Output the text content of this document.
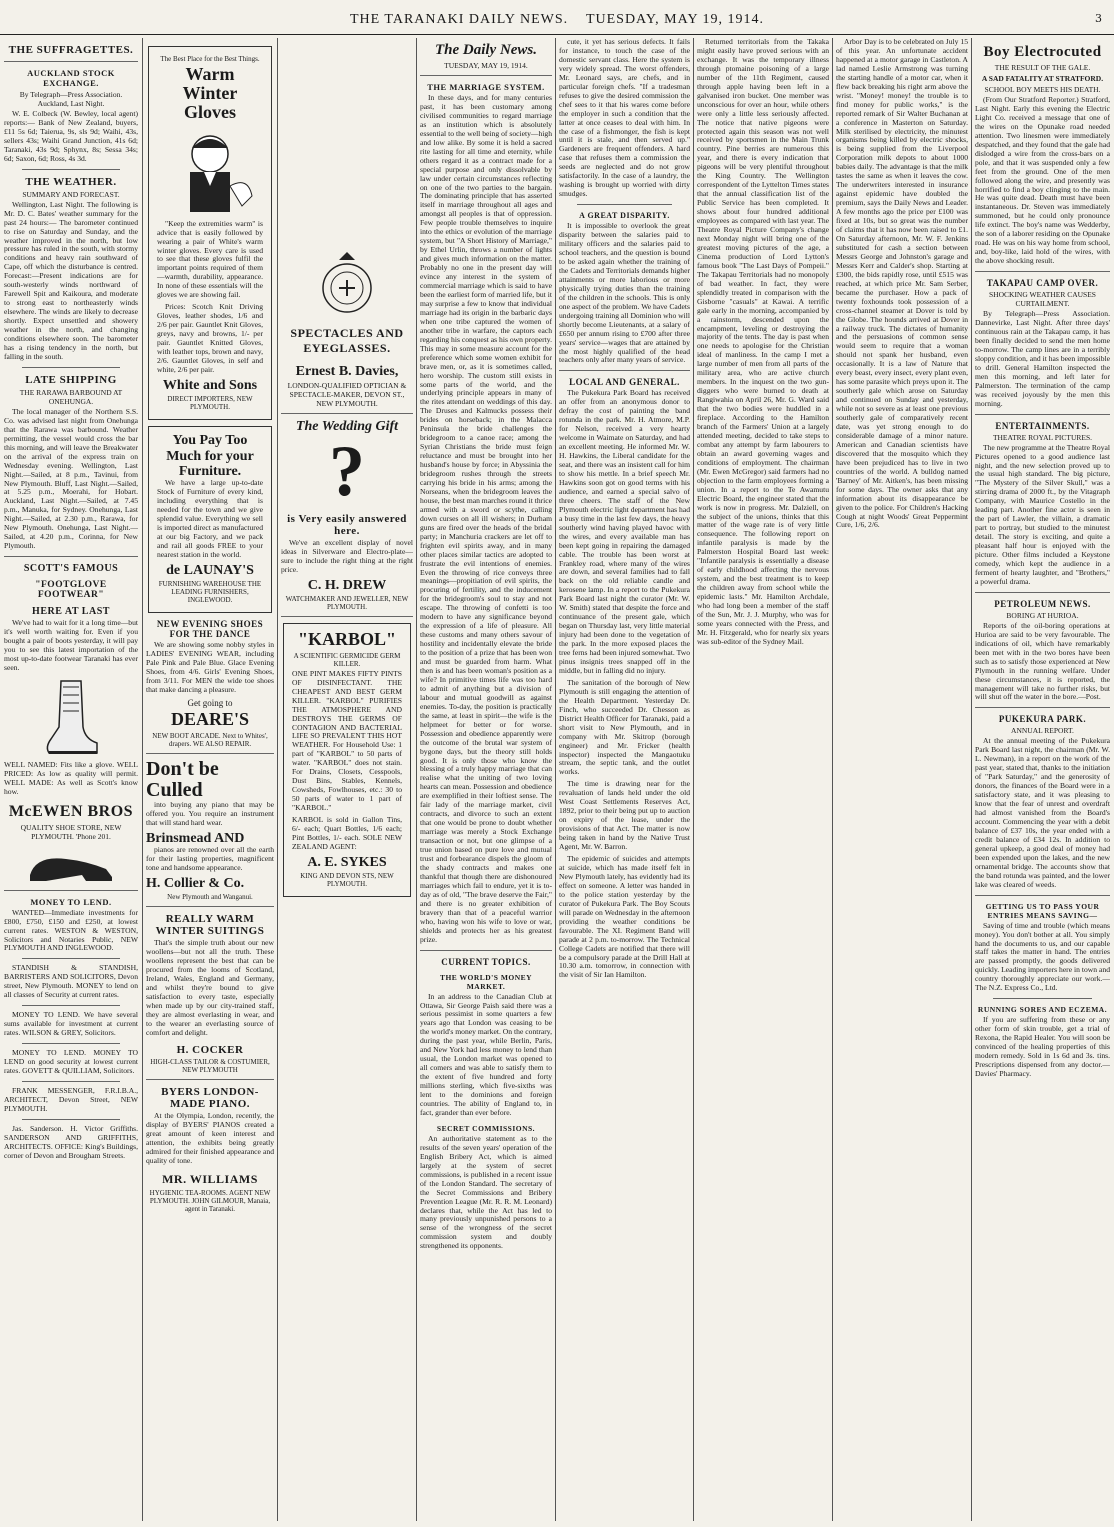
THE TARANAKI DAILY NEWS. TUESDAY, MAY 19, 1914.	3
THE SUFFRAGETTES.
AUCKLAND STOCK EXCHANGE.
By Telegraph—Press Association. Auckland, Last Night.

W. E. Colbeck (W. Bewley, local agent) reports:— Bank of New Zealand, buyers, £11 5s 6d; Taierua, 9s, sls 9d; Waihi, 43s, sellers 43s; Waihi Grand Junction, 41s 6d; Taranaki, 43s 9d; Sphynx, 8s; Sessa 34s; 6d; Saxon, 6d; Ross, 4s 3d.

THE WEATHER.
SUMMARY AND FORECAST.

Wellington, Last Night. The following is Mr. D. C. Bates' weather summary for the past 24 hours:— The barometer continued to rise on Saturday and Sunday, and the weather improved in the north, but low pressure has ruled in the south, with stormy conditions and heavy rain southward of Cape, off which the disturbance is centred. Forecast:—Present indications are for south-westerly winds northward of Farewell Spit and Kaikoura, and moderate to strong east to northeasterly winds elsewhere. The winds are likely to decrease shortly. Expect unsettled and showery weather in the north, and changing conditions elsewhere soon. The barometer has a rising tendency in the north, but falling in the south.

LATE SHIPPING
THE RARAWA BARBOUND AT ONEHUNGA.

The local manager of the Northern S.S. Co. was advised last night from Onehunga that the Rarawa was barbound. Weather permitting, the vessel would cross the bar this morning, and will leave the Breakwater on the arrival of the express train on Wednesday evening. Wellington, Last Night.—Sailed, at 8 p.m., Tavinui, from New Plymouth. Bluff, Last Night.—Sailed, at 5.25 p.m., Moerahi, for Hobart. Auckland, Last Night.—Sailed, at 7.45 p.m., Manuka, for Sydney. Onehunga, Last Night.—Sailed, at 2.30 p.m., Rarawa, for New Plymouth. Onehunga, Last Night.—Sailed, at 4.20 p.m., Corinna, for New Plymouth.

SCOTT'S FAMOUS
"FOOTGLOVE FOOTWEAR"
HERE AT LAST

We've had to wait for it a long time—but it's well worth waiting for. Even if you bought a pair of boots yesterday, it will pay you to see this latest importation of the most up-to-date footwear Taranaki has ever seen.

WELL NAMED: Fits like a glove. WELL PRICED: As low as quality will permit. WELL MADE: As well as Scott's know how.

McEWEN BROS
QUALITY SHOE STORE, NEW PLYMOUTH. 'Phone 201.
MONEY TO LEND.

WANTED—Immediate investments for £800, £750, £150 and £250, at lowest current rates. WESTON & WESTON, Solicitors and Notaries Public, NEW PLYMOUTH AND INGLEWOOD.

STANDISH & STANDISH, BARRISTERS AND SOLICITORS, Devon street, New Plymouth. MONEY to lend on all classes of Security at current rates.

MONEY TO LEND. We have several sums available for investment at current rates. WILSON & GREY, Solicitors.

MONEY TO LEND. MONEY TO LEND on good security at lowest current rates. GOVETT & QUILLIAM, Solicitors.

FRANK MESSENGER, F.R.I.B.A., ARCHITECT, Devon Street, NEW PLYMOUTH.

Jas. Sanderson. H. Victor Griffiths. SANDERSON AND GRIFFITHS, ARCHITECTS. OFFICE: King's Buildings, corner of Devon and Brougham Streets.

The Best Place for the Best Things.
Warm Winter Gloves

"Keep the extremities warm" is advice that is easily followed by wearing a pair of White's warm winter gloves. Every care is used to see that these gloves fulfil the important points required of them—warmth, durability, appearance. In none of these essentials will the gloves we are showing fail.

Prices: Scotch Knit Driving Gloves, leather shodes, 1/6 and 2/6 per pair. Gauntlet Knit Gloves, greys, navy and browns, 1/- per pair. Gauntlet Knitted Gloves, with leather tops, brown and navy, 2/6. Gauntlet Gloves, in self and white, 2/6 per pair.

White and Sons
DIRECT IMPORTERS, NEW PLYMOUTH.
You Pay Too Much for your Furniture.

We have a large up-to-date Stock of Furniture of every kind, including everything that is needed for the town and we give splendid value. Everything we sell is imported direct as manufactured at our big Factory, and we pack and rail all goods FREE to your nearest station in the world.

de LAUNAY'S
FURNISHING WAREHOUSE THE LEADING FURNISHERS, INGLEWOOD.
NEW EVENING SHOES FOR THE DANCE

We are showing some nobby styles in LADIES' EVENING WEAR, including Pale Pink and Pale Blue. Glace Evening Shoes, from 4/6. Girls' Evening Shoes, from 3/11. For MEN the wide toe shoes that make dancing a pleasure.

Get going to
DEARE'S
NEW BOOT ARCADE. Next to Whites', drapers. WE ALSO REPAIR.
Don't be Culled

into buying any piano that may be offered you. You require an instrument that will stand hard wear.

Brinsmead AND

pianos are renowned over all the earth for their lasting properties, magnificent tone and handsome appearance.

H. Collier & Co.
New Plymouth and Wanganui.
REALLY WARM WINTER SUITINGS

That's the simple truth about our new woollens—but not all the truth. These woollens represent the best that can be procured from the looms of Scotland, Ireland, Wales, England and Germany, and whilst they're bound to give satisfaction to every taste, especially when made up by our city-trained staff, they are almost everlasting in wear, and to the wearer an everlasting source of comfort and delight.

H. COCKER
HIGH-CLASS TAILOR & COSTUMIER, NEW PLYMOUTH
BYERS LONDON-MADE PIANO.

At the Olympia, London, recently, the display of BYERS' PIANOS created a great amount of keen interest and attention, the exhibits being greatly admired for their finished appearance and quality of tone.

MR. WILLIAMS
HYGIENIC TEA-ROOMS. AGENT NEW PLYMOUTH. JOHN GILMOUR, Manaia, agent in Taranaki.
SPECTACLES AND EYEGLASSES.
Ernest B. Davies,
LONDON-QUALIFIED OPTICIAN & SPECTACLE-MAKER, DEVON ST., NEW PLYMOUTH.
The Wedding Gift
?
is Very easily answered here.

We've an excellent display of novel ideas in Silverware and Electro-plate—sure to include the right thing at the right price.

C. H. DREW
WATCHMAKER AND JEWELLER, NEW PLYMOUTH.
"KARBOL"
A SCIENTIFIC GERMICIDE GERM KILLER.

ONE PINT MAKES FIFTY PINTS OF DISINFECTANT. THE CHEAPEST AND BEST GERM KILLER. "KARBOL" PURIFIES THE ATMOSPHERE AND DESTROYS THE GERMS OF CONTAGION AND BACTERIAL LIFE SO PREVALENT THIS HOT WEATHER. For Household Use: 1 part of "KARBOL" to 50 parts of water. "KARBOL" does not stain. For Drains, Closets, Cesspools, Dust Bins, Stables, Kennels, Cowsheds, Fowlhouses, etc.: 30 to 50 parts of water to 1 part of "KARBOL."

KARBOL is sold in Gallon Tins, 6/- each; Quart Bottles, 1/6 each; Pint Bottles, 1/- each. SOLE NEW ZEALAND AGENT:

A. E. SYKES
KING AND DEVON STS, NEW PLYMOUTH.
The Daily News.
TUESDAY, MAY 19, 1914.
THE MARRIAGE SYSTEM.

In these days, and for many centuries past, it has been customary among civilised communities to regard marriage as an institution which is absolutely essential to the well being of society—high and low alike. By some it is held a sacred rite lasting for all time and eternity, while others regard it as a contract made for a special purpose and only dissolvable by law under certain circumstances reflecting on one of the two parties to the bargain. The dominating principle that has asserted itself in marriage throughout all ages and amongst all peoples is that of oppression. Few people trouble themselves to inquire into the ethics or evolution of the marriage system, but "A Short History of Marriage," by Ethel Urlin, throws a number of lights and gives much information on the matter. Probably no one in the present day will evince any interest in the system of commercial marriage which is said to have been the earliest form of married life, but it may surprise a few to know that individual marriage had its origin in the barbaric days when one tribe captured the women of another tribe in warfare, the captors each regarding his conquest as his own property. This may in some measure account for the preference which some women exhibit for brave men, or, as it is sometimes called, hero worship. The custom still exists in some parts of the world, and the underlying principle appears in many of the rites attendant on weddings of this day. The Druses and Kalmucks possess their brides on horseback; in the Malacca Peninsula the bride challenges the bridegroom to a canoe race; among the Syrian Christians the bride must feign reluctance and must be brought into her husband's house by force; in Abyssinia the bridegroom rushes through the streets carrying his bride in his arms; among the Norseans, when the bridegroom leaves the house, the best man marches round it thrice armed with a sword or scythe, calling down curses on all ill wishers; in Durham guns are fired over the heads of the bridal party; in Manchuria crackers are let off to frighten evil spirits away, and in many other places similar tactics are adopted to frustrate the evil intentions of enemies. Even the throwing of rice conveys three meanings—propitiation of evil spirits, the procuring of fertility, and the inducement for the bridegroom's soul to stay and not escape. The throwing of confetti is too modern to have any significance beyond the expression of a life of pleasure. All these customs and many others savour of hostility and incidentally elevate the bride to the position of a prize that has been won and must be guarded from harm. What then is and has been woman's position as a wife? In primitive times life was too hard to admit of anything but a division of labour and mutual goodwill as against enemies. To-day, the position is practically the same, at least in spirit—the wife is the helpmeet for better or for worse. Possession and obedience apparently were the outcome of the brutal war system of bygone days, but the theory still holds good. It is only those who know the blessing of a truly happy marriage that can realise what the uniting of two loving hearts can mean. Possession and obedience are exemplified in their loftiest sense. The fair lady of the marriage market, civil contracts, and divorce to such an extent that one would be prone to doubt whether marriage was merely a Stock Exchange transaction or not, but one glimpse of a true union based on pure love and mutual trust and forbearance dispels the gloom of the shady contracts and makes one thankful that though there are dishonoured marriages which fail to endure, yet it is to-day as of old, "The brave deserve the Fair," and there is no greater exhibition of bravery than that of a peaceful warrior who, having won his wife to love or war, shields and protects her as his greatest prize.

CURRENT TOPICS.
THE WORLD'S MONEY MARKET.

In an address to the Canadian Club at Ottawa, Sir George Paish said there was a serious pessimist in some quarters a few years ago that London was ceasing to be the world's money market. On the contrary, during the past year, while Berlin, Paris, and New York had less money to lend than usual, the London market was opened to all comers and was able to satisfy them to the extent of five hundred and forty millions sterling, which five-sixths was lent to the dominions and foreign countries. The ability of England to, in fact, grander than ever before.

SECRET COMMISSIONS.

An authoritative statement as to the results of the seven years' operation of the English Bribery Act, which is aimed largely at the system of secret commissions, is published in a recent issue of the London Standard. The secretary of the Secret Commissions and Bribery Prevention League (Mr. R. R. M. Leonard) declares that, while the Act has led to many previously unpunished persons to a sense of the wrongness of the secret commission system and doubly strengthened its opponents.

cute, it yet has serious defects. It fails for instance, to touch the case of the domestic servant class. Here the system is very widely spread. The worst offenders, Mr. Leonard says, are chefs, and in particular foreign chefs. "If a tradesman refuses to give the desired commission the chef sees to it that his wares come before the employer in such a condition that the latter at once ceases to deal with him. In the case of a fishmonger, the fish is kept until it is stale, and then served up." Gardeners are frequent offenders. A hard case that refuses them a commission the seeds are neglected and do not grow satisfactorily. In the case of a laundry, the washing is brought up worried with dirty smudges.

A GREAT DISPARITY.

It is impossible to overlook the great disparity between the salaries paid to military officers and the salaries paid to school teachers, and the question is bound to be asked again whether the training of the Cadets and Territorials demands higher attainments or more laborious or more physically trying duties than the training of the children in the schools. This is only one aspect of the problem. We have Cadets undergoing training all Dominion who will shortly become Lieutenants, at a salary of £650 per annum rising to £700 after three years' service—wages that are attained by the most highly qualified of the head teachers only after many years of service.

LOCAL AND GENERAL.

The Pukekura Park Board has received an offer from an anonymous donor to defray the cost of painting the band rotunda in the park. Mr. H. Atmore, M.P. for Nelson, received a very hearty welcome in Waimate on Saturday, and had an excellent meeting. He informed Mr. W. H. Hawkins, the Liberal candidate for the seat, and there was an insistent call for him to show his mettle. In a brief speech Mr. Hawkins soon got on good terms with his audience, and earned a special salvo of three cheers. The staff of the New Plymouth electric light department has had a busy time in the last few days, the heavy southerly wind having played havoc with the wires, and every available man has been kept going in repairing the damaged cable. The trouble has been worst at Frankley road, where many of the wires are down, and several families had to fall back on the old reliable candle and kerosene lamp. In a report to the Pukekura Park Board last night the curator (Mr. W. W. Smith) stated that despite the force and continuance of the present gale, which began on Thursday last, very little material injury had been done to the vegetation of the park. In the more exposed places the tree ferns had been injured somewhat. Two pinus insignis trees snapped off in the middle, but in falling did no injury.

The sanitation of the borough of New Plymouth is still engaging the attention of the Health Department. Yesterday Dr. Finch, who succeeded Dr. Chesson as District Health Officer for Taranaki, paid a short visit to New Plymouth, and in company with Mr. Skitrop (borough engineer) and Mr. Fricker (health inspector) inspected the Mangaotuku stream, the septic tank, and the outlet works.

The time is drawing near for the revaluation of lands held under the old West Coast Settlements Reserves Act, 1892, prior to their being put up to auction on expiry of the lease, under the provisions of that Act. The matter is now being taken in hand by the Native Trust Agent, Mr. W. Barron.

The epidemic of suicides and attempts at suicide, which has made itself felt in New Plymouth lately, has evidently had its effect on someone. A letter was handed in to the police station yesterday by the curator of Pukekura Park. The Boy Scouts will parade on Wednesday in the afternoon providing the weather conditions be favourable. The XI. Regiment Band will parade at 2 p.m. to-morrow. The Technical College Cadets are notified that there will be a compulsory parade at the Drill Hall at 10.30 a.m. tomorrow, in connection with the visit of Sir Ian Hamilton.

Returned territorials from the Takaka might easily have proved serious with an exchange. It was the temporary illness through ptomaine poisoning of a large number of the 11th Regiment, caused through apple having been left in a galvanised iron bucket. One member was unconscious for over an hour, while others were only a little less seriously affected. The notice that native pigeons were protected again this season was not well received by sportsmen in the Main Trunk country. Pine berries are numerous this year, and there is every indication that pigeons will be very plentiful throughout the King Country. The Wellington correspondent of the Lyttelton Times states that the annual classification list of the Public Service has been completed. It shows about four hundred additional employees as compared with last year. The Theatre Royal Picture Company's change next Monday night will bring one of the greatest moving pictures of the age, a Cinema production of Lord Lytton's famous book "The Last Days of Pompeii." The Takapau Territorials had no monopoly of bad weather. In fact, they were splendidly treated in comparison with the Gisborne "casuals" at Kawai. A terrific gale early in the morning, accompanied by a rainstorm, descended upon the encampment, leveling or destroying the majority of the tents. The day is past when one needs to apologise for the Christian ideal of manliness. In the camp I met a large number of men from all parts of the military area, who are active church members. In the inquest on the two gun-diggers who were burned to death at Rangiwahia on April 26, Mr. G. Ward said that the two bodies were huddled in a fireplace. According to the Hamilton branch of the Farmers' Union at a largely attended meeting, decided to take steps to combat any attempt by farm labourers to obtain an award governing wages and conditions of employment. The chairman (Mr. Ewen McGregor) said farmers had no objection to the farm employees forming a union. In a report to the Te Awamutu Electric Board, the engineer stated that the work is now in progress. Mr. Dalziell, on the subject of the unions, thinks that this matter of the wage rate is of very little consequence. The following report on infantile paralysis is made by the Palmerston Hospital Board last week: "Infantile paralysis is essentially a disease of early childhood affecting the nervous system, and the best treatment is to keep the children away from school while the epidemic lasts." Mr. Hamilton Archdale, who had long been a member of the staff of the Sun, Mr. J. J. Murphy, who was for some years connected with the Press, and Mr. H. Fitzgerald, who for nearly six years was sub-editor of the Sydney Mail.

Arbor Day is to be celebrated on July 15 of this year. An unfortunate accident happened at a motor garage in Castleton. A lad named Leslie Armstrong was turning the starting handle of a motor car, when it flew back breaking his right arm above the wrist. "Money! money! the trouble is to find money for public works," is the reported remark of Sir Walter Buchanan at a conference in Masterton on Saturday. Milk sterilised by electricity, the minutest organisms being killed by electric shocks, is being supplied from the Liverpool Corporation milk depots to about 1000 babies daily. The advantage is that the milk tastes the same as when it leaves the cow. The underwriters interested in insurance against epidemic have doubled the premium, says the Daily News and Leader. A few months ago the price per £100 was fixed at 10s, but so great was the number of claims that it has now been raised to £1. On Saturday afternoon, Mr. W. F. Jenkins substituted for cash a section between Messrs George and Johnston's garage and Messrs Kerr and Calder's shop. Starting at £300, the bids rapidly rose, until £515 was reached, at which price Mr. Sam Serber, became the purchaser. How a pack of twenty foxhounds took possession of a cross-channel steamer at Dover is told by the Globe. The hounds arrived at Dover in a railway truck. The dictates of humanity and the persuasions of common sense would seem to require that a woman should not spank her husband, even occasionally. It is a law of Nature that every beast, every insect, every plant even, has some parasite which preys upon it. The southerly gale which arose on Saturday and continued on Sunday and yesterday, while not so severe as at least one previous southerly gale of comparatively recent date, was yet strong enough to do considerable damage of a minor nature. American and Canadian scientists have discovered that the mosquito which they have been prejudiced has to live in two countries of the world. A bulldog named 'Barney' of Mr. Aitken's, has been missing for some days. The owner asks that any information about its disappearance be given to the police. For Children's Hacking Cough at night Woods' Great Peppermint Cure, 1/6, 2/6.

Boy Electrocuted
THE RESULT OF THE GALE.
A SAD FATALITY AT STRATFORD.
SCHOOL BOY MEETS HIS DEATH.

(From Our Stratford Reporter.) Stratford, Last Night. Early this evening the Electric Light Co. received a message that one of the wires on the Opunake road needed attention. Two linesmen were immediately despatched, and they found that the gale had dislodged a wire from the cross-bars on a pole, and that it was suspended only a few feet from the ground. One of the men followed along the wire, and presently was horrified to find a boy clinging to the main. He was quite dead. Death must have been instantaneous. Dr. Steven was immediately summoned, but he could only pronounce life extinct. The boy's name was Wedderby, the son of a laborer residing on the Opunake road. He was on his way home from school, and, boy-like, laid hold of the wires, with the above shocking result.

TAKAPAU CAMP OVER.
SHOCKING WEATHER CAUSES CURTAILMENT.

By Telegraph—Press Association. Dannevirke, Last Night. After three days' continuous rain at the Takapau camp, it has been finally decided to send the men home to-morrow. The camp lines are in a terribly sloppy condition, and it has been impossible to drill. General Hamilton inspected the men this morning, and left later for Palmerston. The termination of the camp was received joyously by the men this morning.

ENTERTAINMENTS.
THEATRE ROYAL PICTURES.

The new programme at the Theatre Royal Pictures opened to a good audience last night, and the new selection proved up to the usual high standard. The big picture, "The Mystery of the Silver Skull," was a stirring drama of 2000 ft., by the Vitagraph Company, with Maurice Costello in the leading part. Another fine actor is seen in the part of Lawler, the villain, a dramatic part to portray, but studied to the minutest detail. The story is exciting, and quite a pleasant half hour is enjoyed with the picture. Other films included a Keystone comedy, which kept the audience in a ferment of hearty laughter, and "Brothers," a powerful drama.

PETROLEUM NEWS.
BORING AT HURIOA.

Reports of the oil-boring operations at Hurioa are said to be very favourable. The indications of oil, which have remarkably been met with in the two bores have been such as to satisfy those experienced at New Plymouth in the running welfare. Under these circumstances, it is reported, the management will take no further risks, but will shut off the water in the bore.—Post.

PUKEKURA PARK.
ANNUAL REPORT.

At the annual meeting of the Pukekura Park Board last night, the chairman (Mr. W. L. Newman), in a report on the work of the past year, stated that, thanks to the initiation of "Park Saturday," and the generosity of donors, the finances of the Board were in a satisfactory state, and it was pleasing to know that the fear of unrest and overdraft had almost vanished from the Board's account. Commencing the year with a debit balance of £37 10s, the year ended with a credit balance of £34 12s. In addition to general upkeep, a good deal of money had been expended upon the lakes, and the new ornamental bridge. The accounts show that the band rotunda was painted, and the lower lake was cleared of weeds.

GETTING US TO PASS YOUR ENTRIES MEANS SAVING—

Saving of time and trouble (which means money). You don't bother at all. You simply hand the documents to us, and our capable staff takes the matter in hand. The entries are passed promptly, the goods delivered quickly. Leading importers here in town and country thoroughly appreciate our work.—The N.Z. Express Co., Ltd.

RUNNING SORES AND ECZEMA.

If you are suffering from these or any other form of skin trouble, get a trial of Rexona, the Rapid Healer. You will soon be convinced of the healing properties of this modern remedy. Sold in 1s 6d and 3s. tins. Prescriptions dispensed from any doctor.—Davies' Pharmacy.
